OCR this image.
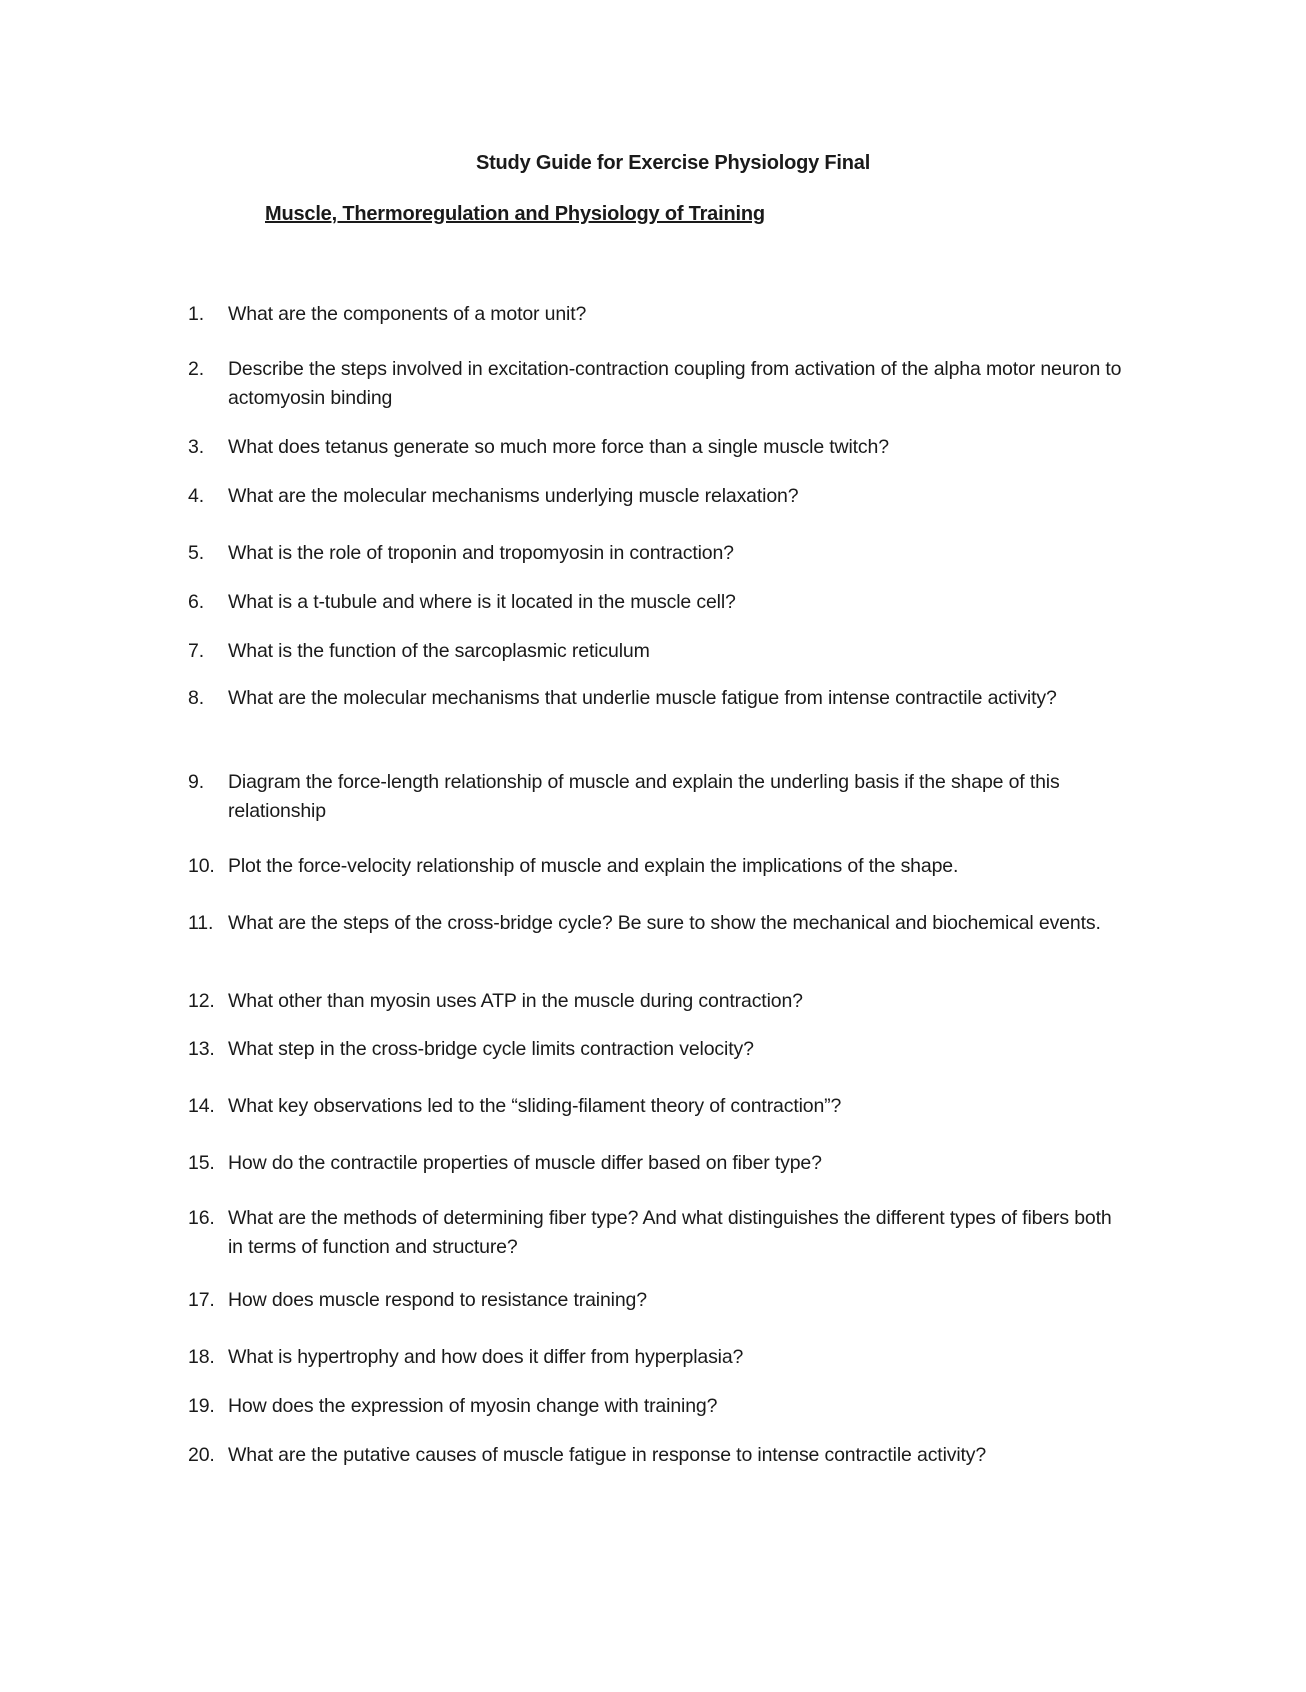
Study Guide for Exercise Physiology Final
Muscle, Thermoregulation and Physiology of Training
1.	What are the components of a motor unit?
2.	Describe the steps involved in excitation-contraction coupling from activation of the alpha motor neuron to actomyosin binding
3.	What does tetanus generate so much more force than a single muscle twitch?
4.	What are the molecular mechanisms underlying muscle relaxation?
5.	What is the role of troponin and tropomyosin in contraction?
6.	What is a t-tubule and where is it located in the muscle cell?
7.	What is the function of the sarcoplasmic reticulum
8.	What are the molecular mechanisms that underlie muscle fatigue from intense contractile activity?
9.	Diagram the force-length relationship of muscle and explain the underling basis if the shape of this relationship
10. Plot the force-velocity relationship of muscle and explain the implications of the shape.
11. What are the steps of the cross-bridge cycle? Be sure to show the mechanical and biochemical events.
12. What other than myosin uses ATP in the muscle during contraction?
13. What step in the cross-bridge cycle limits contraction velocity?
14. What key observations led to the “sliding-filament theory of contraction”?
15. How do the contractile properties of muscle differ based on fiber type?
16. What are the methods of determining fiber type? And what distinguishes the different types of fibers both in terms of function and structure?
17. How does muscle respond to resistance training?
18. What is hypertrophy and how does it differ from hyperplasia?
19. How does the expression of myosin change with training?
20. What are the putative causes of muscle fatigue in response to intense contractile activity?
